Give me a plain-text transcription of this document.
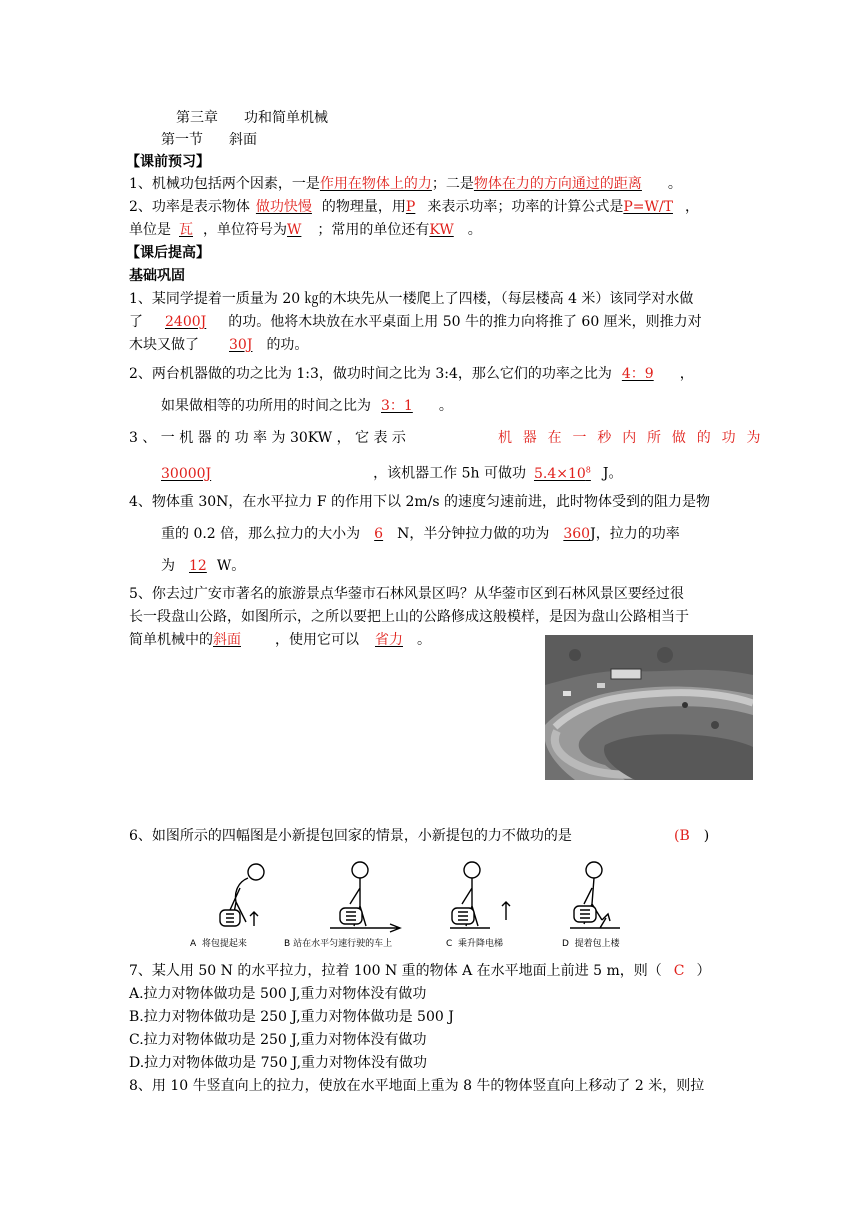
第三章 功和简单机械
第一节 斜面
【课前预习】
1、机械功包括两个因素，一是作用在物体上的力；二是物体在力的方向通过的距离 。
2、功率是表示物体 做功快慢 的物理量，用P 来表示功率；功率的计算公式是P=W/T ，
单位是 瓦 ，单位符号为W ；常用的单位还有KW 。
【课后提高】
基础巩固
1、某同学提着一质量为 20 ㎏的木块先从一楼爬上了四楼，（每层楼高 4 米）该同学对水做
了 2400J 的功。他将木块放在水平桌面上用 50 牛的推力向将推了 60 厘米，则推力对
木块又做了 30J 的功。
2、两台机器做的功之比为 1:3，做功时间之比为 3:4，那么它们的功率之比为 4：9 ，
如果做相等的功所用的时间之比为 3：1 。
3 、 一 机 器 的 功 率 为 30KW ， 它 表 示	机 器 在 一 秒 内 所 做 的 功 为
30000J	，该机器工作 5h 可做功 $5.4\times 10^8$ J。
4、物体重 30N，在水平拉力 F 的作用下以 2m/s 的速度匀速前进，此时物体受到的阻力是物
重的 0.2 倍，那么拉力的大小为 6 N，半分钟拉力做的功为 360J，拉力的功率
为 12 W。
5、你去过广安市著名的旅游景点华蓥市石林风景区吗？从华蓥市区到石林风景区要经过很
长一段盘山公路，如图所示，之所以要把上山的公路修成这般模样，是因为盘山公路相当于
简单机械中的斜面 ，使用它可以 省力 。
6、如图所示的四幅图是小新提包回家的情景，小新提包的力不做功的是	(B )
A 将包提起来	B 站在水平匀速行驶的车上	C 乘升降电梯	D 提着包上楼
7、某人用 50 N 的水平拉力，拉着 100 N 重的物体 A 在水平地面上前进 5 m，则（ C ）
A.拉力对物体做功是 500 J,重力对物体没有做功
B.拉力对物体做功是 250 J,重力对物体做功是 500 J
C.拉力对物体做功是 250 J,重力对物体没有做功
D.拉力对物体做功是 750 J,重力对物体没有做功
8、用 10 牛竖直向上的拉力，使放在水平地面上重为 8 牛的物体竖直向上移动了 2 米，则拉
